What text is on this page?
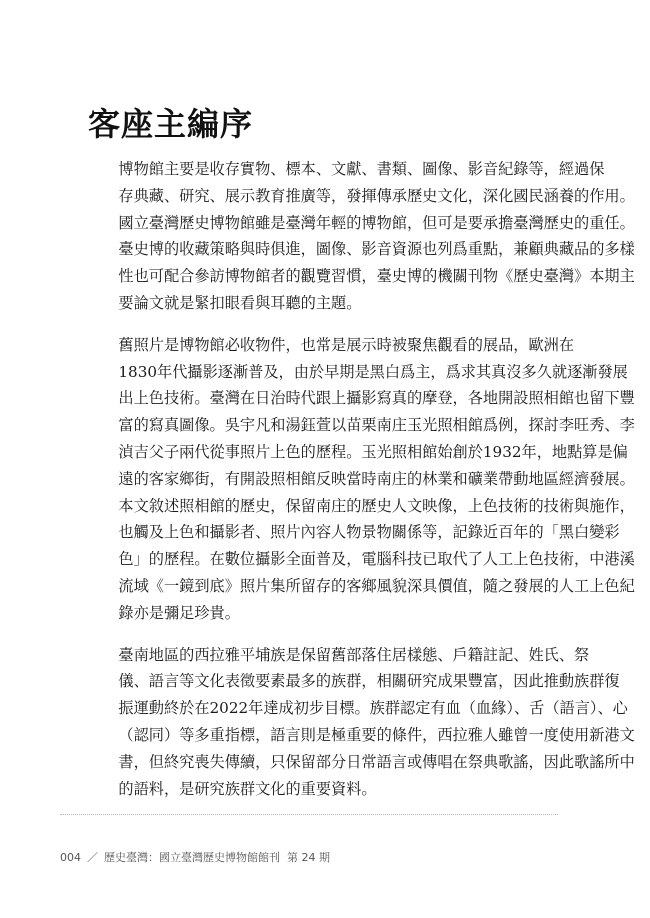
客座主編序

博物館主要是收存實物、標本、文獻、書類、圖像、影音紀錄等，經過保
存典藏、研究、展示教育推廣等，發揮傳承歷史文化，深化國民涵養的作用。
國立臺灣歷史博物館雖是臺灣年輕的博物館，但可是要承擔臺灣歷史的重任。
臺史博的收藏策略與時俱進，圖像、影音資源也列爲重點，兼顧典藏品的多樣
性也可配合參訪博物館者的觀覽習慣，臺史博的機關刊物《歷史臺灣》本期主
要論文就是緊扣眼看與耳聽的主題。

舊照片是博物館必收物件，也常是展示時被聚焦觀看的展品，歐洲在
1830年代攝影逐漸普及，由於早期是黑白爲主，爲求其真沒多久就逐漸發展
出上色技術。臺灣在日治時代跟上攝影寫真的摩登，各地開設照相館也留下豐
富的寫真圖像。吳宇凡和湯鈺萱以苗栗南庄玉光照相館爲例，探討李旺秀、李
湞吉父子兩代從事照片上色的歷程。玉光照相館始創於1932年，地點算是偏
遠的客家鄉街，有開設照相館反映當時南庄的林業和礦業帶動地區經濟發展。
本文敘述照相館的歷史，保留南庄的歷史人文映像，上色技術的技術與施作，
也觸及上色和攝影者、照片內容人物景物關係等，記錄近百年的「黑白變彩
色」的歷程。在數位攝影全面普及，電腦科技已取代了人工上色技術，中港溪
流域《一鏡到底》照片集所留存的客鄉風貌深具價值，隨之發展的人工上色紀
錄亦是彌足珍貴。

臺南地區的西拉雅平埔族是保留舊部落住居樣態、戶籍註記、姓氏、祭
儀、語言等文化表徵要素最多的族群，相關研究成果豐富，因此推動族群復
振運動終於在2022年達成初步目標。族群認定有血（血緣）、舌（語言）、心
（認同）等多重指標，語言則是極重要的條件，西拉雅人雖曾一度使用新港文
書，但終究喪失傳續，只保留部分日常語言或傳唱在祭典歌謠，因此歌謠所中
的語料，是研究族群文化的重要資料。

004 ／ 歷史臺灣：國立臺灣歷史博物館館刊 第 24 期
